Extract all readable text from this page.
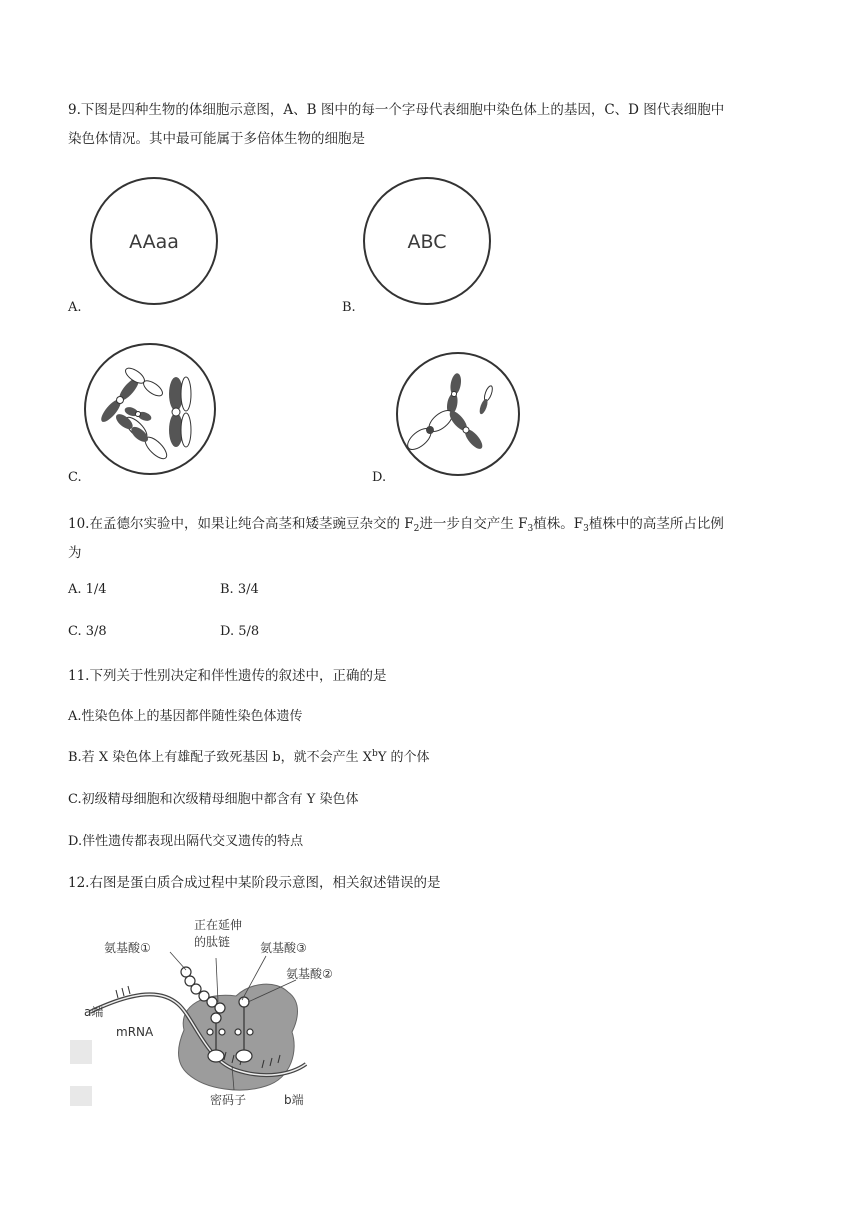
9.下图是四种生物的体细胞示意图，A、B 图中的每一个字母代表细胞中染色体上的基因，C、D 图代表细胞中
染色体情况。其中最可能属于多倍体生物的细胞是
AAaa
A.
ABC
B.
C.	D.
10.在孟德尔实验中，如果让纯合高茎和矮茎豌豆杂交的 $F_2$进一步自交产生 $F_3$植株。$F_3$植株中的高茎所占比例
为
A. 1/4	B. 3/4
C. 3/8	D. 5/8
11.下列关于性别决定和伴性遗传的叙述中，正确的是
A.性染色体上的基因都伴随性染色体遗传
B.若 X 染色体上有雄配子致死基因 b，就不会产生 $X^bY$ 的个体
C.初级精母细胞和次级精母细胞中都含有 Y 染色体
D.伴性遗传都表现出隔代交叉遗传的特点
12.右图是蛋白质合成过程中某阶段示意图，相关叙述错误的是
正在延伸
的肽链
氨基酸①	氨基酸③
氨基酸②
a端
mRNA
密码子	b端
